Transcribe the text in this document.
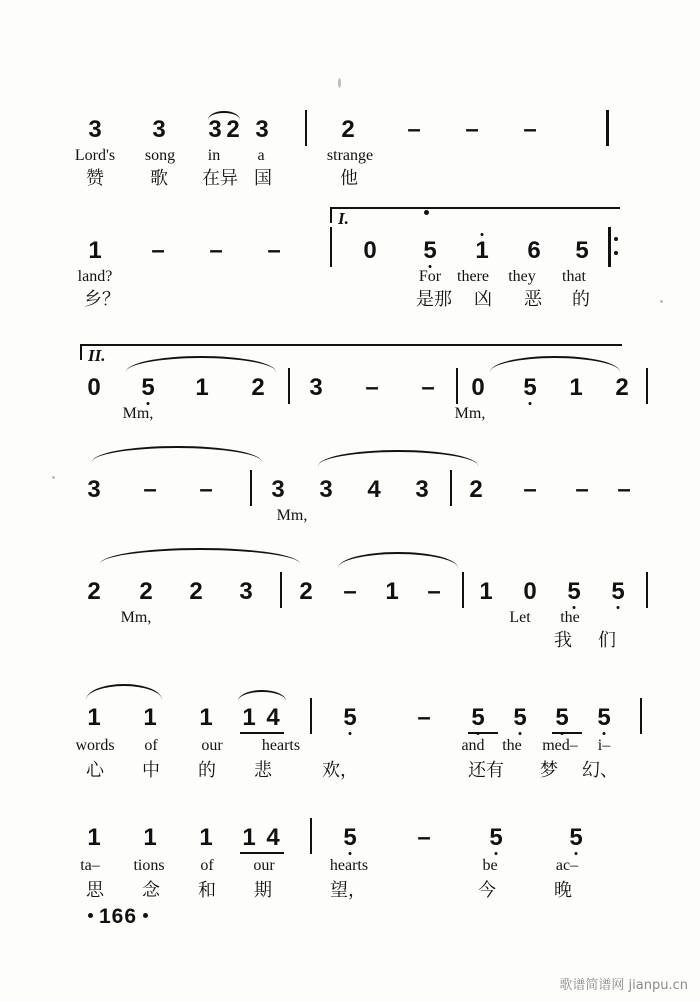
3 3 3 2 3	2 – – –
Lord's	song	in	a	strange
赞	歌	在异 国	他
I.
1 – – –	0 5 1 6 5
land?	For there	they	that
乡？	是那	凶	恶	的
II.
0 5 1 2 3 – – 0 5 1 2
Mm,	Mm,
3 – – 3 3 4 3 2 – – –
Mm,
2 2 2 3 2 – 1 – 1 0 5 5
Mm,	Let	the
我	们
1 1 1 1 4	5	– 5 5 5 5
words	of	our	hearts	and	the	med–	i–
心	中	的	悲	欢，	还有	梦	幻、
1 1 1 1 4	5	– 5	5
ta–	tions	of	our	hearts	be	ac–
思	念	和	期	望，	今	晚
166
歌谱简谱网 jianpu.cn
